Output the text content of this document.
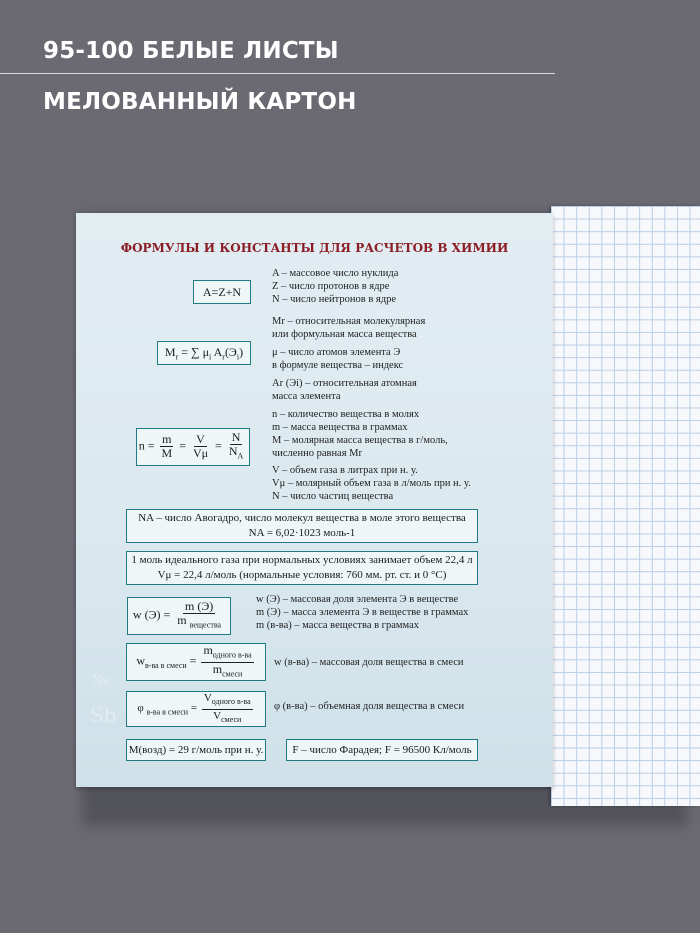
95-100 БЕЛЫЕ ЛИСТЫ
МЕЛОВАННЫЙ КАРТОН
Sb
Ne
ФОРМУЛЫ И КОНСТАНТЫ ДЛЯ РАСЧЕТОВ В ХИМИИ
A=Z+N
A – массовое число нуклида
Z – число протонов в ядре
N – число нейтронов в ядре
$M_r$ = ∑ $\mu_i$ $A_r(Э_i)$
Mr – относительная молекулярная
или формульная масса вещества
μ – число атомов элемента Э
в формуле вещества – индекс
Ar (Эi) – относительная атомная
масса элемента
$n = \frac{m}{M} = \frac{V}{V\mu} = \frac{N}{N_A}$
n – количество вещества в молях
m – масса вещества в граммах
M – молярная масса вещества в г/моль,
численно равная Mr
V – объем газа в литрах при н. у.
Vμ – молярный объем газа в л/моль при н. у.
N – число частиц вещества
NA – число Авогадро, число молекул вещества в моле этого вещества
NA = 6,02·1023 моль-1
1 моль идеального газа при нормальных условиях занимает объем 22,4 л
Vμ = 22,4 л/моль (нормальные условия: 760 мм. рт. ст. и 0 °С)
w $(Э) = \frac{m (Э)}{m _{вещества}}$
w (Э) – массовая доля элемента Э в веществе
m (Э) – масса элемента Э в веществе в граммах
m (в-ва) – масса вещества в граммах
$w_{в-ва в смеси} = \frac{m_{одного в-ва}}{m_{смеси}}$ w (в-ва) – массовая доля вещества в смеси
φ $_{в-ва в смеси} = \frac{V_{одного в-ва}}{V_{смеси}}$ φ (в-ва) – объемная доля вещества в смеси
M(возд) = 29 г/моль при н. у.	F – число Фарадея; F = 96500 Кл/моль
